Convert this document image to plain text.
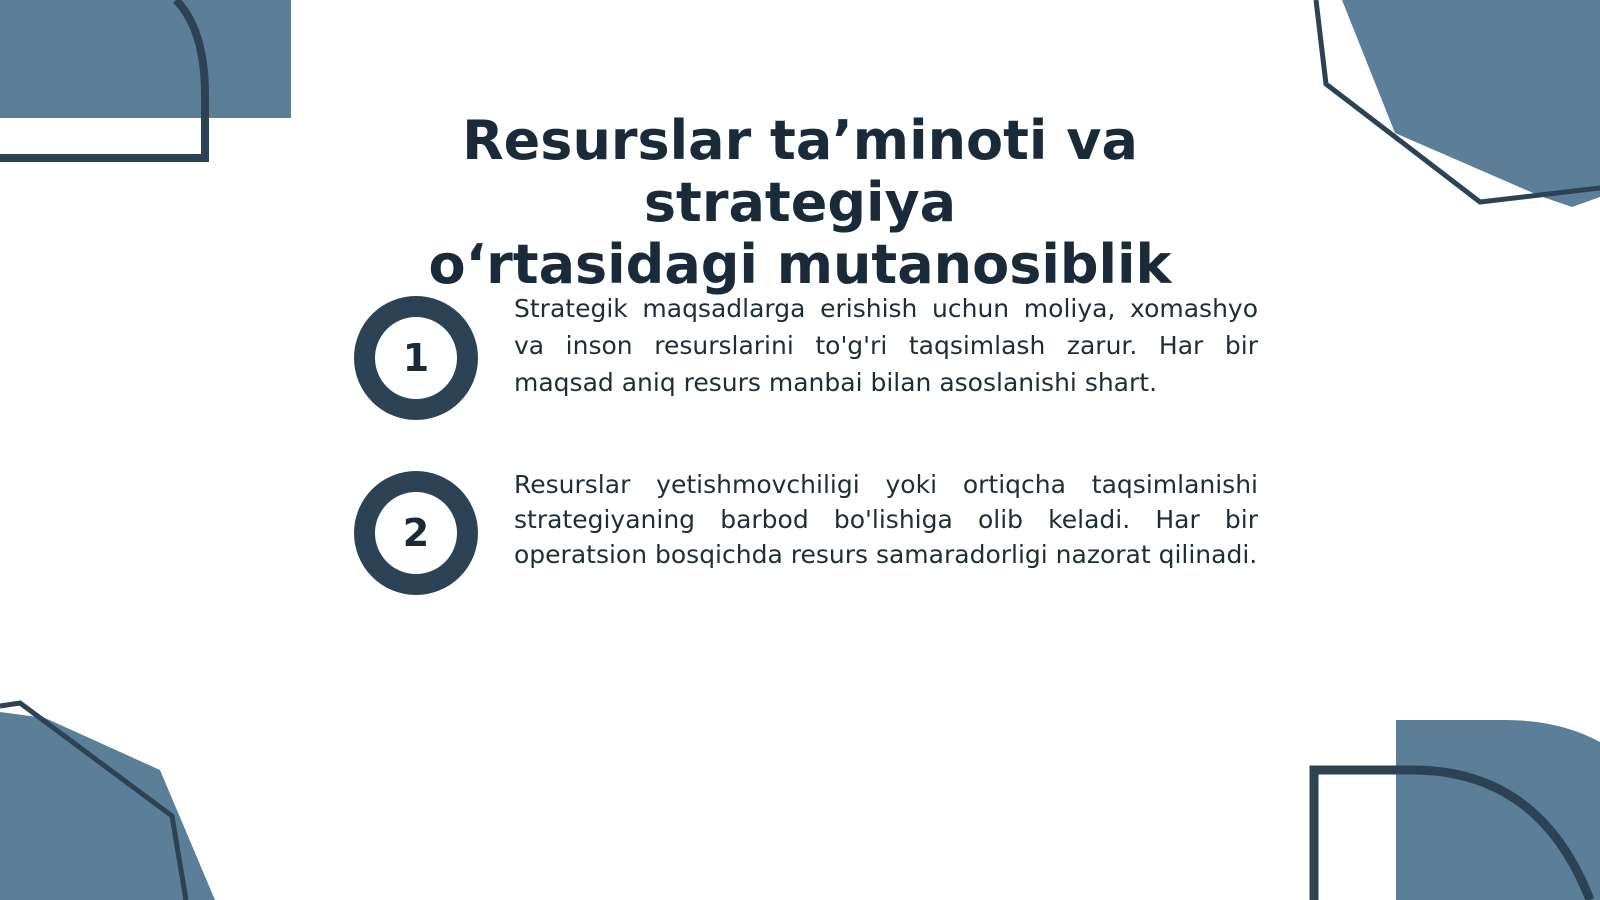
Resurslar ta’minoti va strategiya
o‘rtasidagi mutanosiblik
1

Strategik maqsadlarga erishish uchun moliya, xomashyo va inson resurslarini to'g'ri taqsimlash zarur. Har bir maqsad aniq resurs manbai bilan asoslanishi shart.

2

Resurslar yetishmovchiligi yoki ortiqcha taqsimlanishi strategiyaning barbod bo'lishiga olib keladi. Har bir operatsion bosqichda resurs samaradorligi nazorat qilinadi.
